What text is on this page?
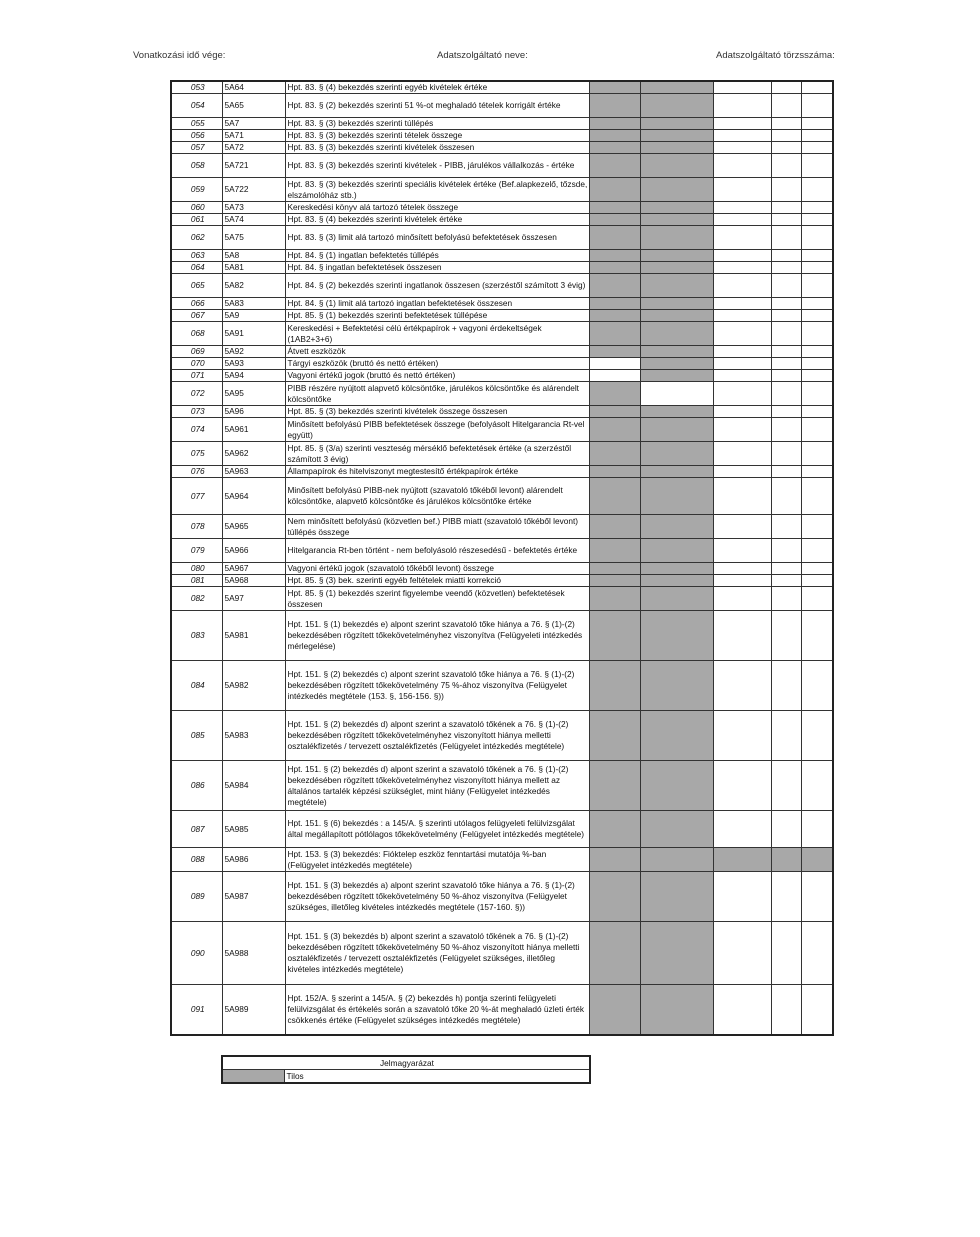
Vonatkozási idő vége:	Adatszolgáltató neve:	Adatszolgáltató törzsszáma:
053	5A64	Hpt. 83. § (4) bekezdés szerinti egyéb kivételek értéke					
054	5A65	Hpt. 83. § (2) bekezdés szerinti 51 %-ot meghaladó tételek korrigált értéke					
055	5A7	Hpt. 83. § (3) bekezdés szerinti túllépés					
056	5A71	Hpt. 83. § (3) bekezdés szerinti tételek összege					
057	5A72	Hpt. 83. § (3) bekezdés szerinti kivételek összesen					
058	5A721	Hpt. 83. § (3) bekezdés szerinti kivételek - PIBB, járulékos vállalkozás - értéke					
059	5A722	Hpt. 83. § (3) bekezdés szerinti speciális kivételek értéke (Bef.alapkezelő, tőzsde, elszámolóház stb.)					
060	5A73	Kereskedési könyv alá tartozó tételek összege					
061	5A74	Hpt. 83. § (4) bekezdés szerinti kivételek értéke					
062	5A75	Hpt. 83. § (3) limit alá tartozó minősített befolyású befektetések összesen					
063	5A8	Hpt. 84. § (1) ingatlan befektetés túllépés					
064	5A81	Hpt. 84. § ingatlan befektetések összesen					
065	5A82	Hpt. 84. § (2) bekezdés szerinti ingatlanok összesen (szerzéstől számított 3 évig)					
066	5A83	Hpt. 84. § (1) limit alá tartozó ingatlan befektetések összesen					
067	5A9	Hpt. 85. § (1) bekezdés szerinti befektetések túllépése					
068	5A91	Kereskedési + Befektetési célú értékpapírok + vagyoni érdekeltségek (1AB2+3+6)					
069	5A92	Átvett eszközök					
070	5A93	Tárgyi eszközök (bruttó és nettó értéken)					
071	5A94	Vagyoni értékű jogok (bruttó és nettó értéken)					
072	5A95	PIBB részére nyújtott alapvető kölcsöntőke, járulékos kölcsöntőke és alárendelt kölcsöntőke					
073	5A96	Hpt. 85. § (3) bekezdés szerinti kivételek összege összesen					
074	5A961	Minősített befolyású PIBB befektetések összege (befolyásolt Hitelgarancia Rt-vel együtt)					
075	5A962	Hpt. 85. § (3/a) szerinti veszteség mérséklő befektetések értéke (a szerzéstől számított 3 évig)					
076	5A963	Állampapírok és hitelviszonyt megtestesítő értékpapírok értéke					
077	5A964	Minősített befolyású PIBB-nek nyújtott (szavatoló tőkéből levont) alárendelt kölcsöntőke, alapvető kölcsöntőke és járulékos kölcsöntőke értéke					
078	5A965	Nem minősített befolyású (közvetlen bef.) PIBB miatt (szavatoló tőkéből levont) túllépés összege					
079	5A966	Hitelgarancia Rt-ben történt - nem befolyásoló részesedésű - befektetés értéke					
080	5A967	Vagyoni értékű jogok (szavatoló tőkéből levont) összege					
081	5A968	Hpt. 85. § (3) bek. szerinti egyéb feltételek miatti korrekció					
082	5A97	Hpt. 85. § (1) bekezdés szerint figyelembe veendő (közvetlen) befektetések összesen					
083	5A981	Hpt. 151. § (1) bekezdés e) alpont szerint szavatoló tőke hiánya a 76. § (1)-(2) bekezdésében rögzített tőkekövetelményhez viszonyítva (Felügyeleti intézkedés mérlegelése)					
084	5A982	Hpt. 151. § (2) bekezdés c) alpont szerint szavatoló tőke hiánya a 76. § (1)-(2) bekezdésében rögzített tőkekövetelmény 75 %-ához viszonyítva (Felügyelet intézkedés megtétele (153. §, 156-156. §))					
085	5A983	Hpt. 151. § (2) bekezdés d) alpont szerint a szavatoló tőkének a 76. § (1)-(2) bekezdésében rögzített tőkekövetelményhez viszonyított hiánya melletti osztalékfizetés / tervezett osztalékfizetés (Felügyelet intézkedés megtétele)					
086	5A984	Hpt. 151. § (2) bekezdés d) alpont szerint a szavatoló tőkének a 76. § (1)-(2) bekezdésében rögzített tőkekövetelményhez viszonyított hiánya mellett az általános tartalék képzési szükséglet, mint hiány (Felügyelet intézkedés megtétele)					
087	5A985	Hpt. 151. § (6) bekezdés : a 145/A. § szerinti utólagos felügyeleti felülvizsgálat által megállapított pótlólagos tőkekövetelmény (Felügyelet intézkedés megtétele)					
088	5A986	Hpt. 153. § (3) bekezdés: Fióktelep eszköz fenntartási mutatója %-ban (Felügyelet intézkedés megtétele)					
089	5A987	Hpt. 151. § (3) bekezdés a) alpont szerint szavatoló tőke hiánya a 76. § (1)-(2) bekezdésében rögzített tőkekövetelmény 50 %-ához viszonyítva (Felügyelet szükséges, illetőleg kivételes intézkedés megtétele (157-160. §))					
090	5A988	Hpt. 151. § (3) bekezdés b) alpont szerint a szavatoló tőkének a 76. § (1)-(2) bekezdésében rögzített tőkekövetelmény 50 %-ához viszonyított hiánya melletti osztalékfizetés / tervezett osztalékfizetés (Felügyelet szükséges, illetőleg kivételes intézkedés megtétele)					
091	5A989	Hpt. 152/A. § szerint a 145/A. § (2) bekezdés h) pontja szerinti felügyeleti felülvizsgálat és értékelés során a szavatoló tőke 20 %-át meghaladó üzleti érték csökkenés értéke (Felügyelet szükséges intézkedés megtétele)					
Jelmagyarázat
	Tilos
